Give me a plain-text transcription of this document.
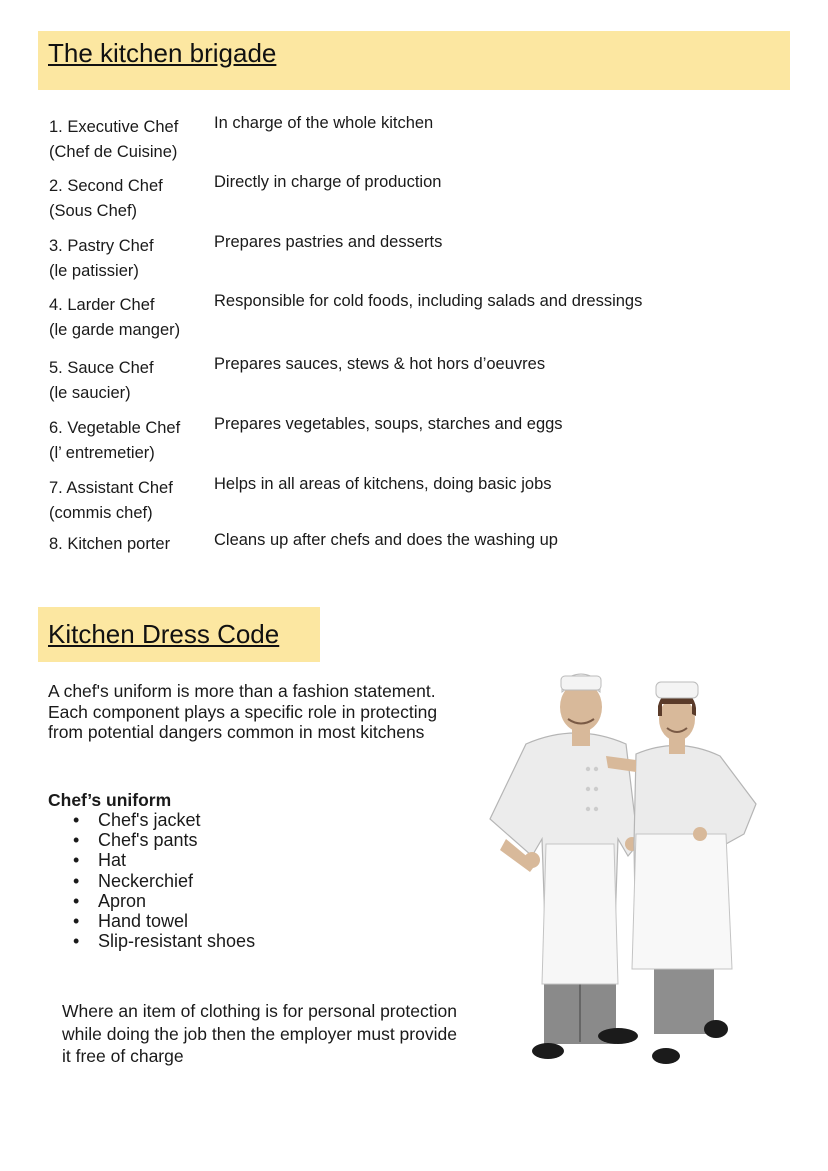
The kitchen brigade
1. Executive Chef
(Chef de Cuisine)
In charge of the whole kitchen
2. Second Chef
(Sous Chef)
Directly in charge of production
3. Pastry Chef
(le patissier)
Prepares pastries and desserts
4. Larder Chef
(le garde manger)
Responsible for cold foods, including salads and dressings
5. Sauce Chef
(le saucier)
Prepares sauces, stews & hot hors d’oeuvres
6. Vegetable Chef
(l’ entremetier)
Prepares vegetables, soups, starches and eggs
7. Assistant Chef
(commis chef)
Helps in all areas of kitchens, doing basic jobs
8. Kitchen porter	Cleans up after chefs and does the washing up
Kitchen Dress Code
A chef's uniform is more than a fashion statement.
Each component plays a specific role in protecting
from potential dangers common in most kitchens
Chef’s uniform
• Chef's jacket
• Chef's pants
• Hat
• Neckerchief
• Apron
• Hand towel
• Slip-resistant shoes
Where an item of clothing is for personal protection
while doing the job then the employer must provide
it free of charge
